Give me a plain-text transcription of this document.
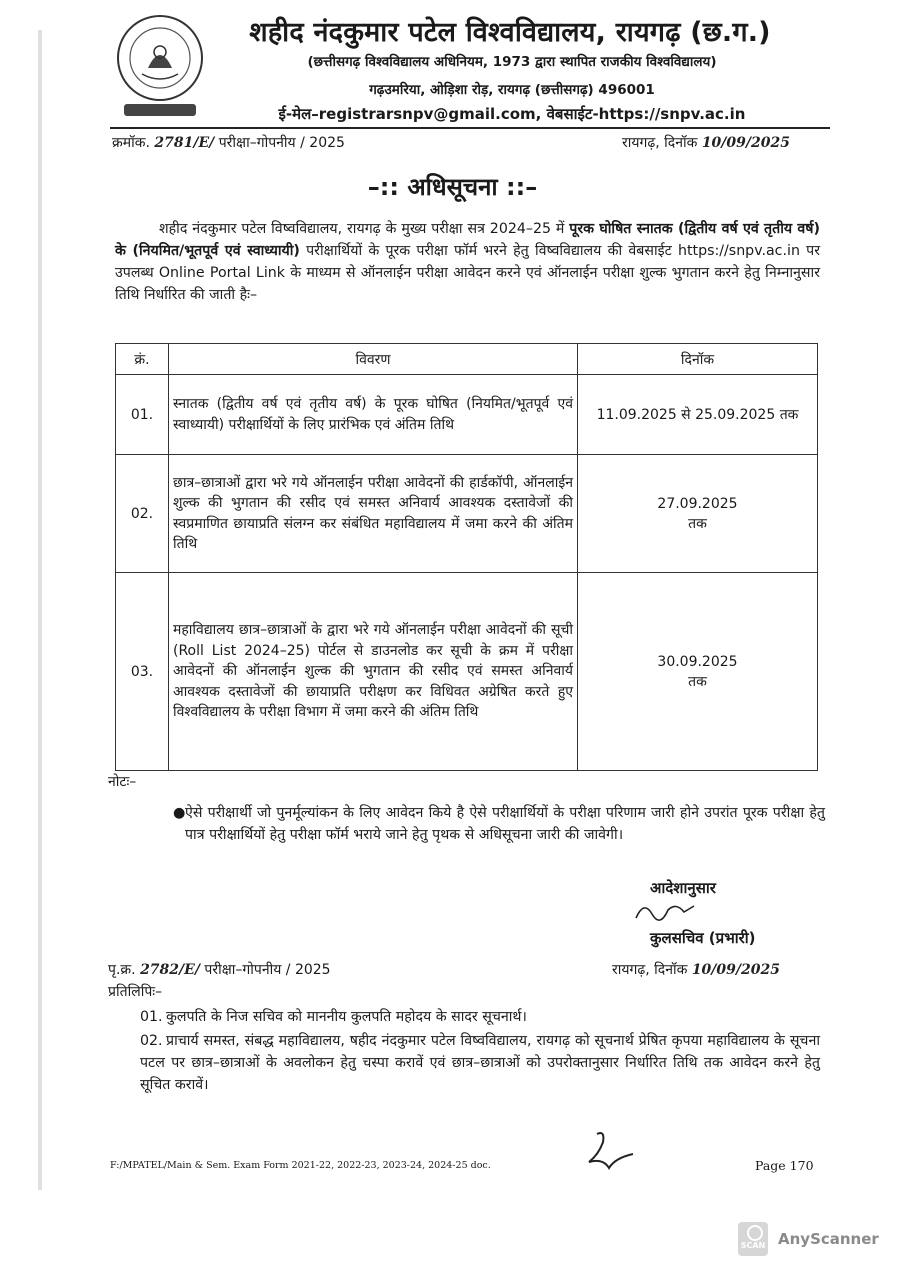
शहीद नंदकुमार पटेल विश्वविद्यालय, रायगढ़ (छ.ग.)
(छत्तीसगढ़ विश्वविद्यालय अधिनियम, 1973 द्वारा स्थापित राजकीय विश्वविद्यालय)
गढ़उमरिया, ओड़िशा रोड़, रायगढ़ (छत्तीसगढ़) 496001
ई-मेल–registrarsnpv@gmail.com, वेबसाईट-https://snpv.ac.in
क्रमॉक. 2781/E/ परीक्षा–गोपनीय / 2025	रायगढ़, दिनॉक 10/09/2025
–:: अधिसूचना ::–
शहीद नंदकुमार पटेल विष्वविद्यालय, रायगढ़ के मुख्य परीक्षा सत्र 2024–25 में पूरक घोषित स्नातक (द्वितीय वर्ष एवं तृतीय वर्ष) के (नियमित/भूतपूर्व एवं स्वाध्यायी) परीक्षार्थियों के पूरक परीक्षा फॉर्म भरने हेतु विष्वविद्यालय की वेबसाईट https://snpv.ac.in पर उपलब्ध Online Portal Link के माध्यम से ऑनलाईन परीक्षा आवेदन करने एवं ऑनलाईन परीक्षा शुल्क भुगतान करने हेतु निम्नानुसार तिथि निर्धारित की जाती हैः–
क्रं.	विवरण	दिनॉक
01.	स्नातक (द्वितीय वर्ष एवं तृतीय वर्ष) के पूरक घोषित (नियमित/भूतपूर्व एवं स्वाध्यायी) परीक्षार्थियों के लिए प्रारंभिक एवं अंतिम तिथि	11.09.2025 से 25.09.2025 तक

02.	छात्र–छात्राओं द्वारा भरे गये ऑनलाईन परीक्षा आवेदनों की हार्डकॉपी, ऑनलाईन शुल्क की भुगतान की रसीद एवं समस्त अनिवार्य आवश्यक दस्तावेजों की स्वप्रमाणित छायाप्रति संलग्न कर संबंधित महाविद्यालय में जमा करने की अंतिम तिथि	27.09.2025
तक

03.	महाविद्यालय छात्र–छात्राओं के द्वारा भरे गये ऑनलाईन परीक्षा आवेदनों की सूची (Roll List 2024–25) पोर्टल से डाउनलोड कर सूची के क्रम में परीक्षा आवेदनों की ऑनलाईन शुल्क की भुगतान की रसीद एवं समस्त अनिवार्य आवश्यक दस्तावेजों की छायाप्रति परीक्षण कर विधिवत अग्रेषित करते हुए विश्वविद्यालय के परीक्षा विभाग में जमा करने की अंतिम तिथि	30.09.2025
तक
नोटः–
● ऐसे परीक्षार्थी जो पुनर्मूल्यांकन के लिए आवेदन किये है ऐसे परीक्षार्थियों के परीक्षा परिणाम जारी होने उपरांत पूरक परीक्षा हेतु पात्र परीक्षार्थियों हेतु परीक्षा फॉर्म भराये जाने हेतु पृथक से अधिसूचना जारी की जावेगी।
आदेशानुसार
कुलसचिव (प्रभारी)
पृ.क्र. 2782/E/ परीक्षा–गोपनीय / 2025	रायगढ़, दिनॉक 10/09/2025
प्रतिलिपिः–
01. कुलपति के निज सचिव को माननीय कुलपति महोदय के सादर सूचनार्थ।
02. प्राचार्य समस्त, संबद्ध महाविद्यालय, षहीद नंदकुमार पटेल विष्वविद्यालय, रायगढ़ को सूचनार्थ प्रेषित कृपया महाविद्यालय के सूचना पटल पर छात्र–छात्राओं के अवलोकन हेतु चस्पा करावें एवं छात्र–छात्राओं को उपरोक्तानुसार निर्धारित तिथि तक आवेदन करने हेतु सूचित करावें।
F:/MPATEL/Main & Sem. Exam Form 2021-22, 2022-23, 2023-24, 2024-25 doc.	Page 170
SCAN AnyScanner
